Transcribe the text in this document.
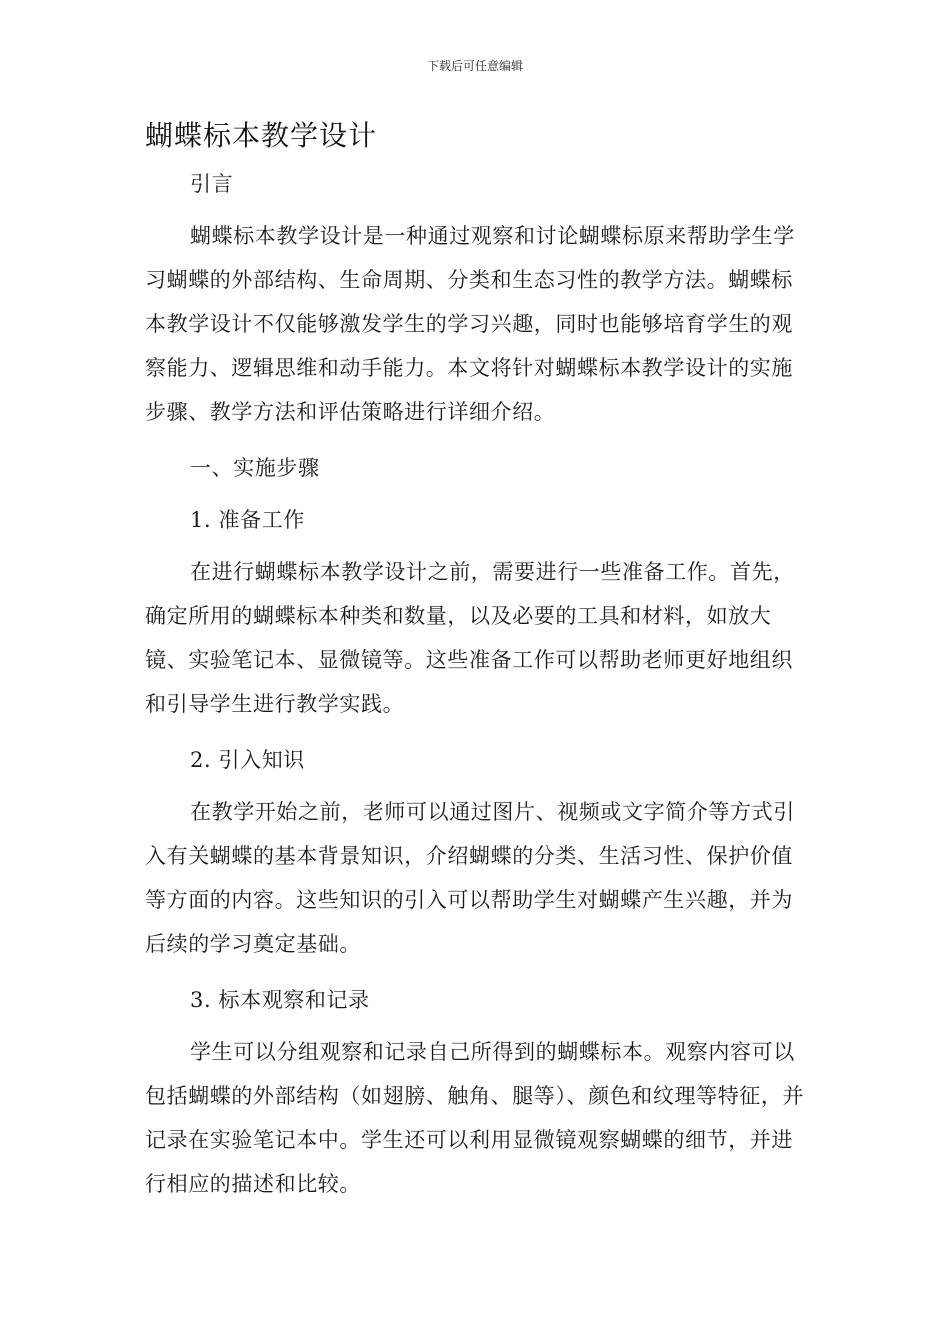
下载后可任意编辑
蝴蝶标本教学设计

引言

蝴蝶标本教学设计是一种通过观察和讨论蝴蝶标原来帮助学生学习蝴蝶的外部结构、生命周期、分类和生态习性的教学方法。蝴蝶标本教学设计不仅能够激发学生的学习兴趣，同时也能够培育学生的观察能力、逻辑思维和动手能力。本文将针对蝴蝶标本教学设计的实施步骤、教学方法和评估策略进行详细介绍。

一、实施步骤

1. 准备工作

在进行蝴蝶标本教学设计之前，需要进行一些准备工作。首先，确定所用的蝴蝶标本种类和数量，以及必要的工具和材料，如放大镜、实验笔记本、显微镜等。这些准备工作可以帮助老师更好地组织和引导学生进行教学实践。

2. 引入知识

在教学开始之前，老师可以通过图片、视频或文字简介等方式引入有关蝴蝶的基本背景知识，介绍蝴蝶的分类、生活习性、保护价值等方面的内容。这些知识的引入可以帮助学生对蝴蝶产生兴趣，并为后续的学习奠定基础。

3. 标本观察和记录

学生可以分组观察和记录自己所得到的蝴蝶标本。观察内容可以包括蝴蝶的外部结构（如翅膀、触角、腿等）、颜色和纹理等特征，并记录在实验笔记本中。学生还可以利用显微镜观察蝴蝶的细节，并进行相应的描述和比较。
